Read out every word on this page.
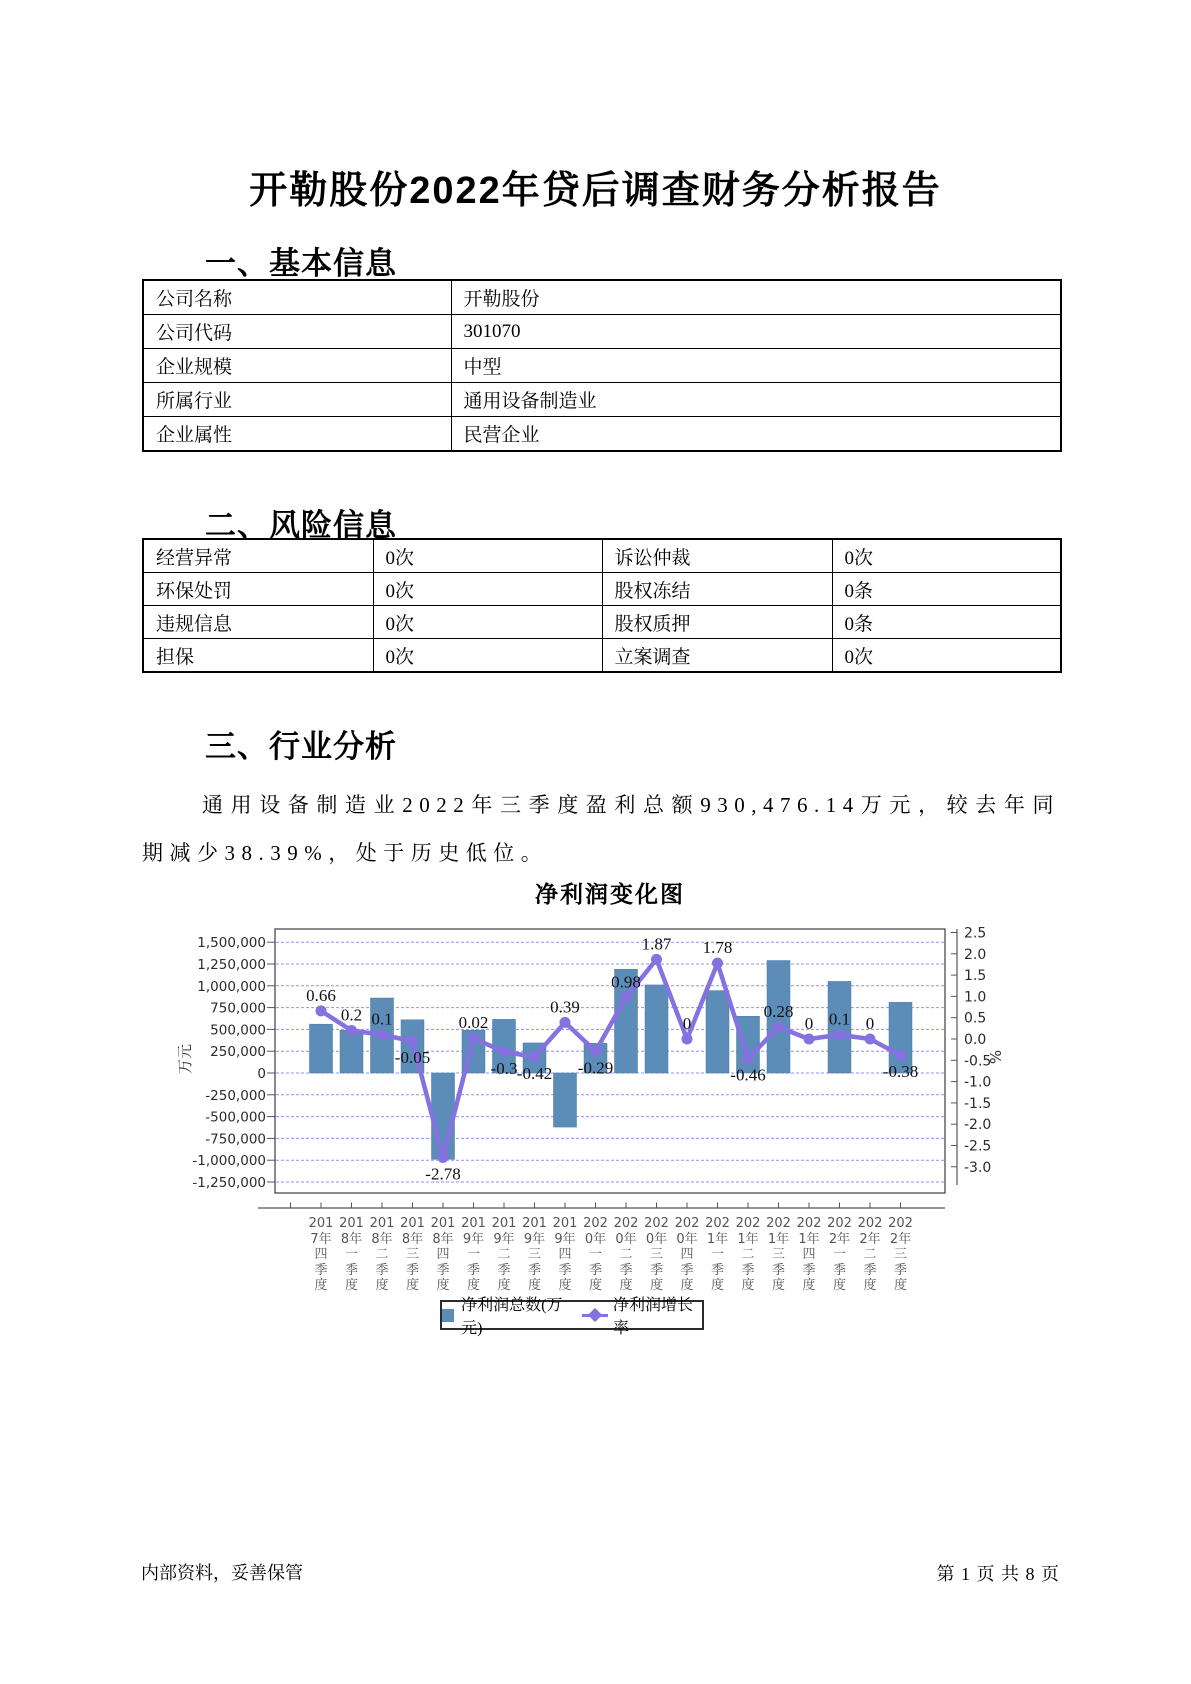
开勒股份2022年贷后调查财务分析报告
一、基本信息
公司名称	开勒股份
公司代码	301070
企业规模	中型
所属行业	通用设备制造业
企业属性	民营企业
二、风险信息
经营异常	0次	诉讼仲裁	0次
环保处罚	0次	股权冻结	0条
违规信息	0次	股权质押	0条
担保	0次	立案调查	0次
三、行业分析

通用设备制造业2022年三季度盈利总额930,476.14万元，较去年同期减少38.39%，处于历史低位。

净利润变化图
1,500,000
1,250,000
1,000,000
750,000
500,000
250,000
0
-250,000
-500,000
-750,000
-1,000,000
-1,250,000
0.66
0.2 0.1
-0.05
-2.78
0.02
-0.3 -0.42
0.39
-0.29
0.98
1.87
0
1.78
-0.46
0.28
0 0.1 0
-0.38
万元
2.5
2.0
1.5
1.0
0.5
0.0
-0.5
-1.0
-1.5
-2.0
-2.5
-3.0
%
201
7年
四
季
度
201
8年
一
季
度
201
8年
二
季
度
201
8年
三
季
度
201
8年
四
季
度
201
9年
一
季
度
201
9年
二
季
度
201
9年
三
季
度
201
9年
四
季
度
202
0年
一
季
度
202
0年
二
季
度
202
0年
三
季
度
202
0年
四
季
度
202
1年
一
季
度
202
1年
二
季
度
202
1年
三
季
度
202
1年
四
季
度
202
2年
一
季
度
202
2年
二
季
度
202
2年
三
季
度
净利润总数(万元)
净利润增长率
内部资料，妥善保管	第 1 页 共 8 页
